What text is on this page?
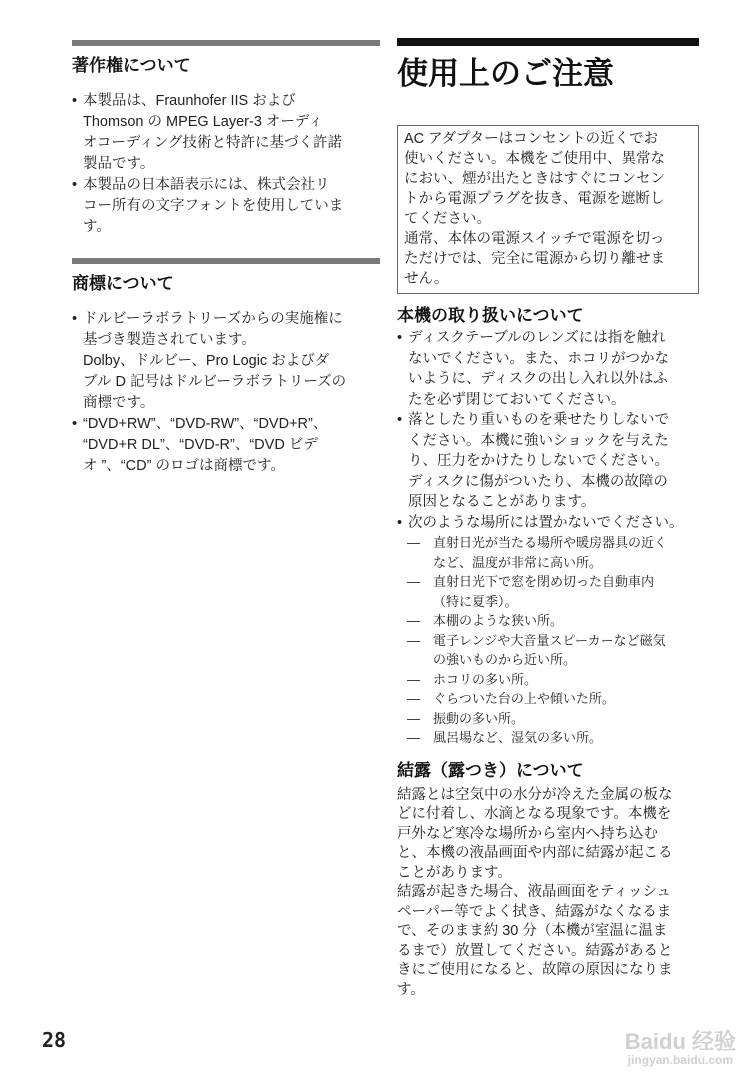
著作権について
• 本製品は、Fraunhofer IIS および
Thomson の MPEG Layer-3 オーディ
オコーディング技術と特許に基づく許諾
製品です。
• 本製品の日本語表示には、株式会社リ
コー所有の文字フォントを使用していま
す。
商標について
• ドルビーラボラトリーズからの実施権に
基づき製造されています。
Dolby、ドルビー、Pro Logic およびダ
ブル D 記号はドルビーラボラトリーズの
商標です。
• “DVD+RW”、“DVD-RW”、“DVD+R”、
“DVD+R DL”、“DVD-R”、“DVD ビデ
オ ”、“CD” のロゴは商標です。
使用上のご注意
AC アダプターはコンセントの近くでお
使いください。本機をご使用中、異常な
におい、煙が出たときはすぐにコンセン
トから電源プラグを抜き、電源を遮断し
てください。
通常、本体の電源スイッチで電源を切っ
ただけでは、完全に電源から切り離せま
せん。
本機の取り扱いについて
• ディスクテーブルのレンズには指を触れ
ないでください。また、ホコリがつかな
いように、ディスクの出し入れ以外はふ
たを必ず閉じておいてください。
• 落としたり重いものを乗せたりしないで
ください。本機に強いショックを与えた
り、圧力をかけたりしないでください。
ディスクに傷がついたり、本機の故障の
原因となることがあります。
• 次のような場所には置かないでください。
— 直射日光が当たる場所や暖房器具の近く
など、温度が非常に高い所。
— 直射日光下で窓を閉め切った自動車内
（特に夏季）。
— 本棚のような狭い所。
— 電子レンジや大音量スピーカーなど磁気
の強いものから近い所。
— ホコリの多い所。
— ぐらついた台の上や傾いた所。
— 振動の多い所。
— 風呂場など、湿気の多い所。
結露（露つき）について
結露とは空気中の水分が冷えた金属の板な
どに付着し、水滴となる現象です。本機を
戸外など寒冷な場所から室内へ持ち込む
と、本機の液晶画面や内部に結露が起こる
ことがあります。
結露が起きた場合、液晶画面をティッシュ
ペーパー等でよく拭き、結露がなくなるま
で、そのまま約 30 分（本機が室温に温ま
るまで）放置してください。結露があると
きにご使用になると、故障の原因になりま
す。
28	Baidu 经验
jingyan.baidu.com
